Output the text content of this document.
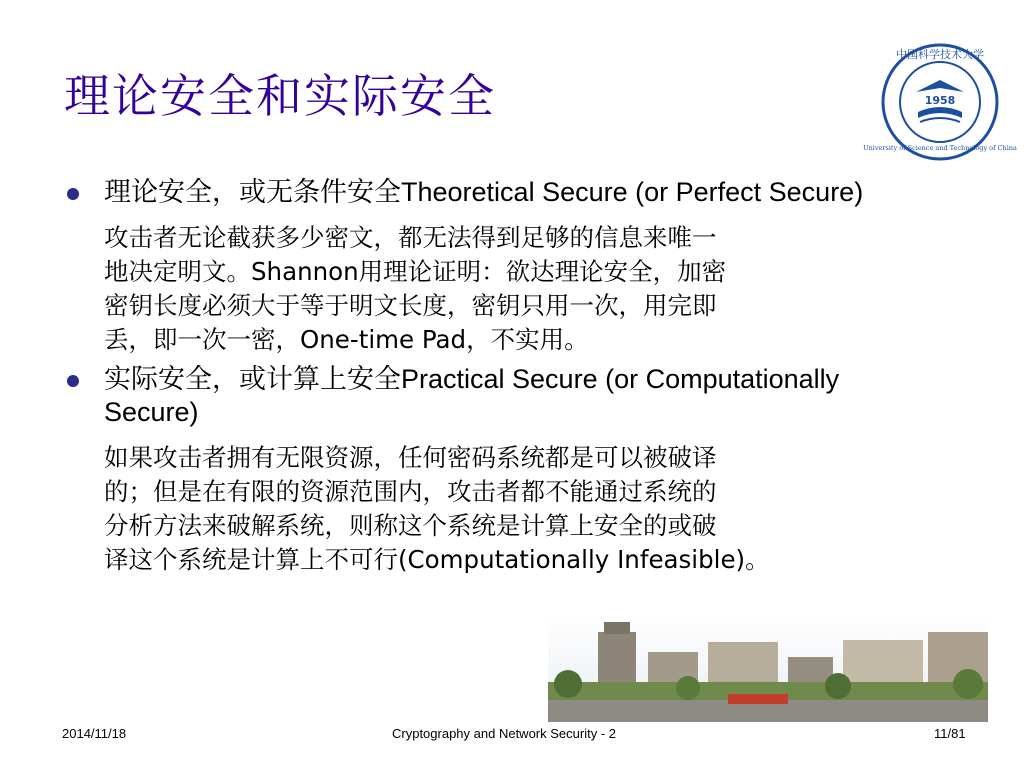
理论安全和实际安全
中国科学技术大学
1958
University of Science and Technology of China
理论安全，或无条件安全Theoretical Secure (or Perfect Secure)
攻击者无论截获多少密文，都无法得到足够的信息来唯一
地决定明文。Shannon用理论证明：欲达理论安全，加密
密钥长度必须大于等于明文长度，密钥只用一次，用完即
丢，即一次一密，One-time Pad，不实用。
实际安全，或计算上安全Practical Secure (or Computationally Secure)
如果攻击者拥有无限资源，任何密码系统都是可以被破译
的；但是在有限的资源范围内，攻击者都不能通过系统的
分析方法来破解系统，则称这个系统是计算上安全的或破
译这个系统是计算上不可行(Computationally Infeasible)。
2014/11/18	Cryptography and Network Security - 2	11/81
